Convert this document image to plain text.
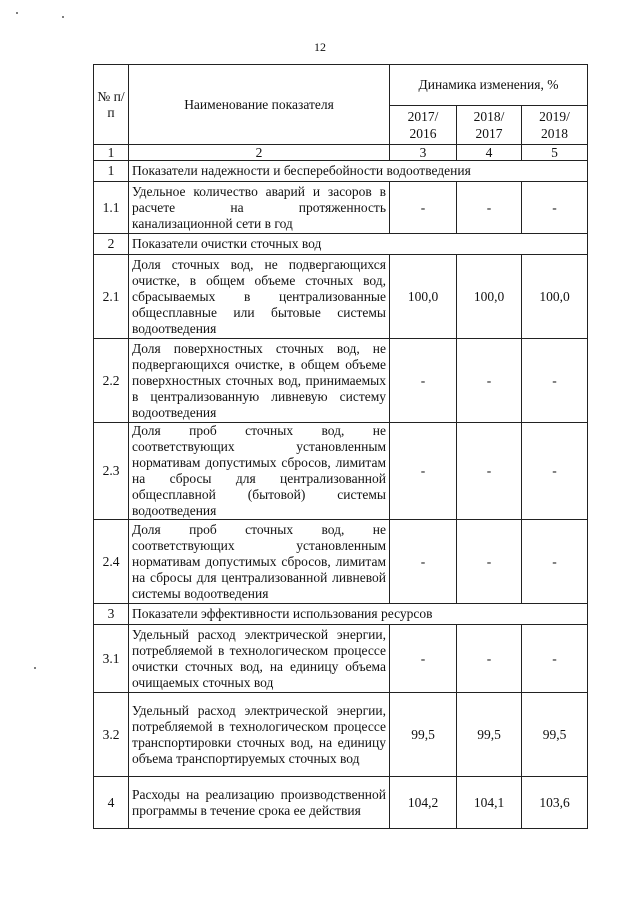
12
№ п/п	Наименование показателя	Динамика изменения, %		
		2017/ 2016	2018/ 2017	2019/ 2018
1	2	3	4	5
1	Показатели надежности и бесперебойности водоотведения			
1.1	Удельное количество аварий и засоров в расчете на протяженность канализационной сети в год	-	-	-
2	Показатели очистки сточных вод			
2.1	Доля сточных вод, не подвергающихся очистке, в общем объеме сточных вод, сбрасываемых в централизованные общесплавные или бытовые системы водоотведения	100,0	100,0	100,0
2.2	Доля поверхностных сточных вод, не подвергающихся очистке, в общем объеме поверхностных сточных вод, принимаемых в централизованную ливневую систему водоотведения	-	-	-
2.3	Доля проб сточных вод, не соответствующих установленным нормативам допустимых сбросов, лимитам на сбросы для централизованной общесплавной (бытовой) системы водоотведения	-	-	-
2.4	Доля проб сточных вод, не соответствующих установленным нормативам допустимых сбросов, лимитам на сбросы для централизованной ливневой системы водоотведения	-	-	-
3	Показатели эффективности использования ресурсов			
3.1	Удельный расход электрической энергии, потребляемой в технологическом процессе очистки сточных вод, на единицу объема очищаемых сточных вод	-	-	-
3.2	Удельный расход электрической энергии, потребляемой в технологическом процессе транспортировки сточных вод, на единицу объема транспортируемых сточных вод	99,5	99,5	99,5
4	Расходы на реализацию производственной программы в течение срока ее действия	104,2	104,1	103,6
